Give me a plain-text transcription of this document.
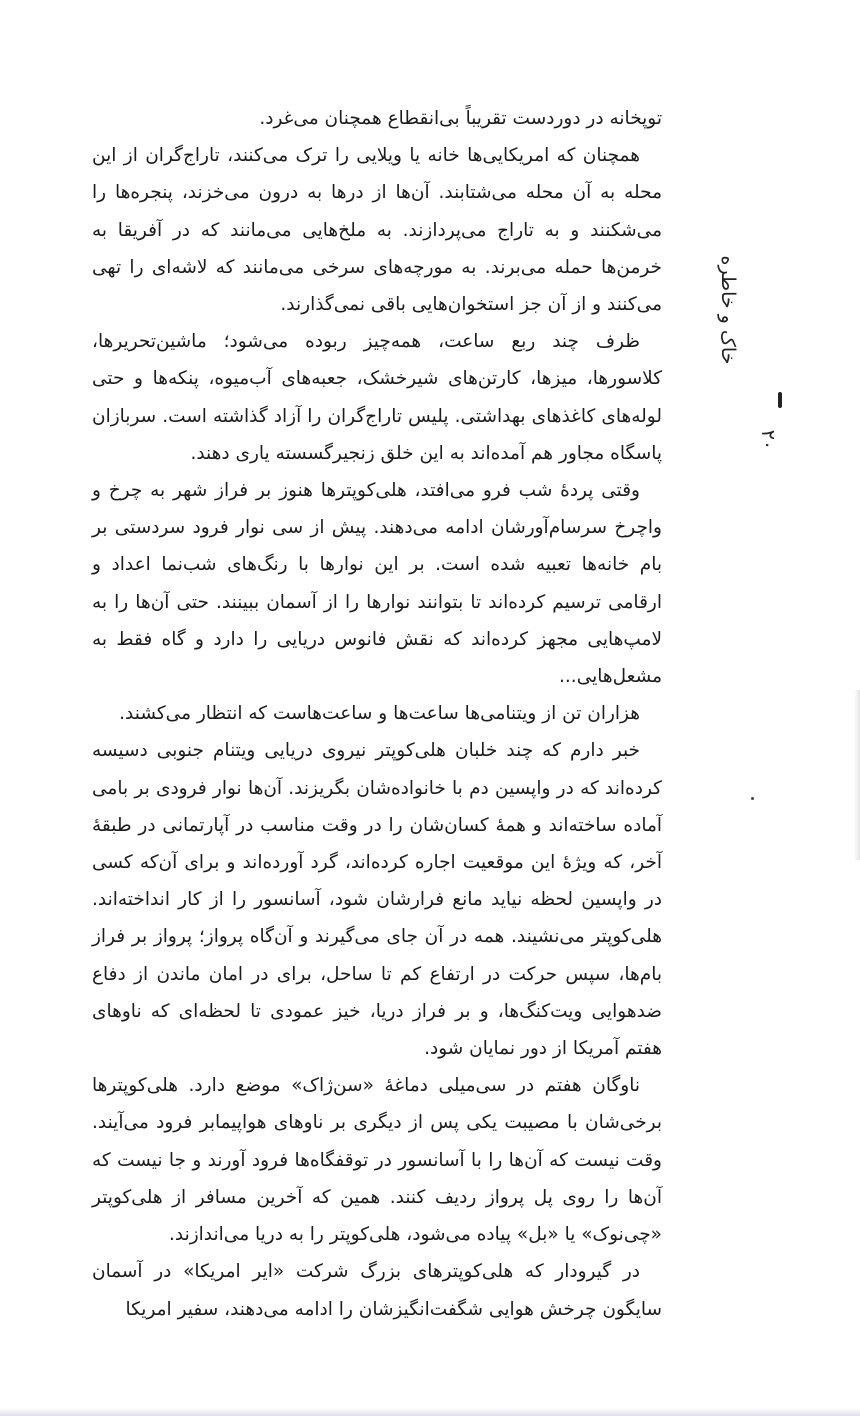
توپخانه در دوردست تقریباً بی‌انقطاع همچنان می‌غرد.

همچنان که امریکایی‌ها خانه یا ویلایی را ترک می‌کنند، تاراج‌گران از این محله به آن محله می‌شتابند. آن‌ها از درها به درون می‌خزند، پنجره‌ها را می‌شکنند و به تاراج می‌پردازند. به ملخ‌هایی می‌مانند که در آفریقا به خرمن‌ها حمله می‌برند. به مورچه‌های سرخی می‌مانند که لاشه‌ای را تهی می‌کنند و از آن جز استخوان‌هایی باقی نمی‌گذارند.

ظرف چند ربع ساعت، همه‌چیز ربوده می‌شود؛ ماشین‌تحریرها، کلاسورها، میزها، کارتن‌های شیرخشک، جعبه‌های آب‌میوه، پنکه‌ها و حتی لوله‌های کاغذهای بهداشتی. پلیس تاراج‌گران را آزاد گذاشته است. سربازان پاسگاه مجاور هم آمده‌اند به این خلق زنجیرگسسته یاری دهند.

وقتی پردهٔ شب فرو می‌افتد، هلی‌کوپترها هنوز بر فراز شهر به چرخ و واچرخ سرسام‌آورشان ادامه می‌دهند. پیش از سی نوار فرود سردستی بر بام خانه‌ها تعبیه شده است. بر این نوارها با رنگ‌های شب‌نما اعداد و ارقامی ترسیم کرده‌اند تا بتوانند نوارها را از آسمان ببینند. حتی آن‌ها را به لامپ‌هایی مجهز کرده‌اند که نقش فانوس دریایی را دارد و گاه فقط به مشعل‌هایی...

هزاران تن از ویتنامی‌ها ساعت‌ها و ساعت‌هاست که انتظار می‌کشند.

خبر دارم که چند خلبان هلی‌کوپتر نیروی دریایی ویتنام جنوبی دسیسه کرده‌اند که در واپسین دم با خانواده‌شان بگریزند. آن‌ها نوار فرودی بر بامی آماده ساخته‌اند و همهٔ کسان‌شان را در وقت مناسب در آپارتمانی در طبقهٔ آخر، که ویژهٔ این موقعیت اجاره کرده‌اند، گرد آورده‌اند و برای آن‌که کسی در واپسین لحظه نیاید مانع فرارشان شود، آسانسور را از کار انداخته‌اند. هلی‌کوپتر می‌نشیند. همه در آن جای می‌گیرند و آن‌گاه پرواز؛ پرواز بر فراز بام‌ها، سپس حرکت در ارتفاع کم تا ساحل، برای در امان ماندن از دفاع ضدهوایی ویت‌کنگ‌ها، و بر فراز دریا، خیز عمودی تا لحظه‌ای که ناوهای هفتم آمریکا از دور نمایان شود.

ناوگان هفتم در سی‌میلی دماغهٔ «سن‌ژاک» موضع دارد. هلی‌کوپترها برخی‌شان با مصیبت یکی پس از دیگری بر ناوهای هواپیمابر فرود می‌آیند. وقت نیست که آن‌ها را با آسانسور در توقفگاه‌ها فرود آورند و جا نیست که آن‌ها را روی پل پرواز ردیف کنند. همین که آخرین مسافر از هلی‌کوپتر «چی‌نوک» یا «بل» پیاده می‌شود، هلی‌کوپتر را به دریا می‌اندازند.

در گیرودار که هلی‌کوپترهای بزرگ شرکت «ایر امریکا» در آسمان سایگون چرخش هوایی شگفت‌انگیزشان را ادامه می‌دهند، سفیر امریکا

خاک و خاطره
۲۰
